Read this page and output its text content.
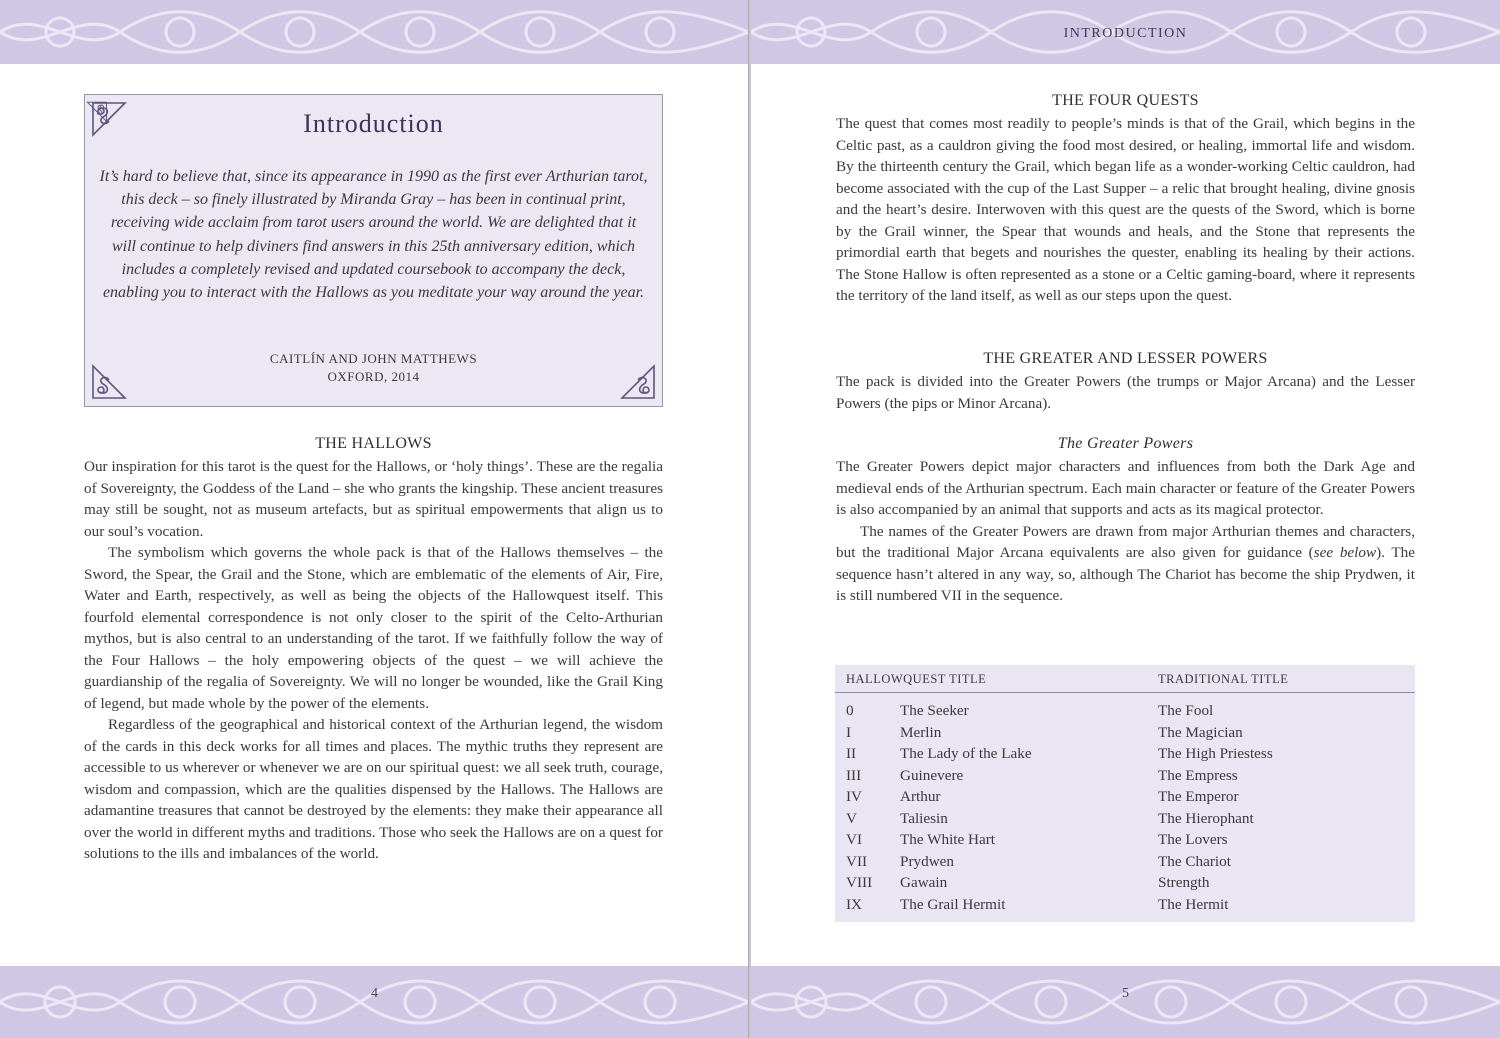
Introduction
It’s hard to believe that, since its appearance in 1990 as the first ever Arthurian tarot, this deck – so finely illustrated by Miranda Gray – has been in continual print, receiving wide acclaim from tarot users around the world. We are delighted that it will continue to help diviners find answers in this 25th anniversary edition, which includes a completely revised and updated coursebook to accompany the deck, enabling you to interact with the Hallows as you meditate your way around the year.
CAITLÍN AND JOHN MATTHEWS
OXFORD, 2014
THE HALLOWS

Our inspiration for this tarot is the quest for the Hallows, or ‘holy things’. These are the regalia of Sovereignty, the Goddess of the Land – she who grants the kingship. These ancient treasures may still be sought, not as museum artefacts, but as spiritual empowerments that align us to our soul’s vocation.

The symbolism which governs the whole pack is that of the Hallows themselves – the Sword, the Spear, the Grail and the Stone, which are emblematic of the elements of Air, Fire, Water and Earth, respectively, as well as being the objects of the Hallowquest itself. This fourfold elemental correspondence is not only closer to the spirit of the Celto-Arthurian mythos, but is also central to an understanding of the tarot. If we faithfully follow the way of the Four Hallows – the holy empowering objects of the quest – we will achieve the guardianship of the regalia of Sovereignty. We will no longer be wounded, like the Grail King of legend, but made whole by the power of the elements.

Regardless of the geographical and historical context of the Arthurian legend, the wisdom of the cards in this deck works for all times and places. The mythic truths they represent are accessible to us wherever or whenever we are on our spiritual quest: we all seek truth, courage, wisdom and compassion, which are the qualities dispensed by the Hallows. The Hallows are adamantine treasures that cannot be destroyed by the elements: they make their appearance all over the world in different myths and traditions. Those who seek the Hallows are on a quest for solutions to the ills and imbalances of the world.

4
INTRODUCTION
THE FOUR QUESTS

The quest that comes most readily to people’s minds is that of the Grail, which begins in the Celtic past, as a cauldron giving the food most desired, or healing, immortal life and wisdom. By the thirteenth century the Grail, which began life as a wonder-working Celtic cauldron, had become associated with the cup of the Last Supper – a relic that brought healing, divine gnosis and the heart’s desire. Interwoven with this quest are the quests of the Sword, which is borne by the Grail winner, the Spear that wounds and heals, and the Stone that represents the primordial earth that begets and nourishes the quester, enabling its healing by their actions. The Stone Hallow is often represented as a stone or a Celtic gaming-board, where it represents the territory of the land itself, as well as our steps upon the quest.

THE GREATER AND LESSER POWERS

The pack is divided into the Greater Powers (the trumps or Major Arcana) and the Lesser Powers (the pips or Minor Arcana).

The Greater Powers

The Greater Powers depict major characters and influences from both the Dark Age and medieval ends of the Arthurian spectrum. Each main character or feature of the Greater Powers is also accompanied by an animal that supports and acts as its magical protector.

The names of the Greater Powers are drawn from major Arthurian themes and characters, but the traditional Major Arcana equivalents are also given for guidance (see below). The sequence hasn’t altered in any way, so, although The Chariot has become the ship Prydwen, it is still numbered VII in the sequence.

HALLOWQUEST TITLE	TRADITIONAL TITLE
0	The Seeker	The Fool
I	Merlin	The Magician
II	The Lady of the Lake	The High Priestess
III	Guinevere	The Empress
IV Arthur	The Emperor
V	Taliesin	The Hierophant
VI The White Hart	The Lovers
VII Prydwen	The Chariot
VIII Gawain	Strength
IX The Grail Hermit	The Hermit
5
